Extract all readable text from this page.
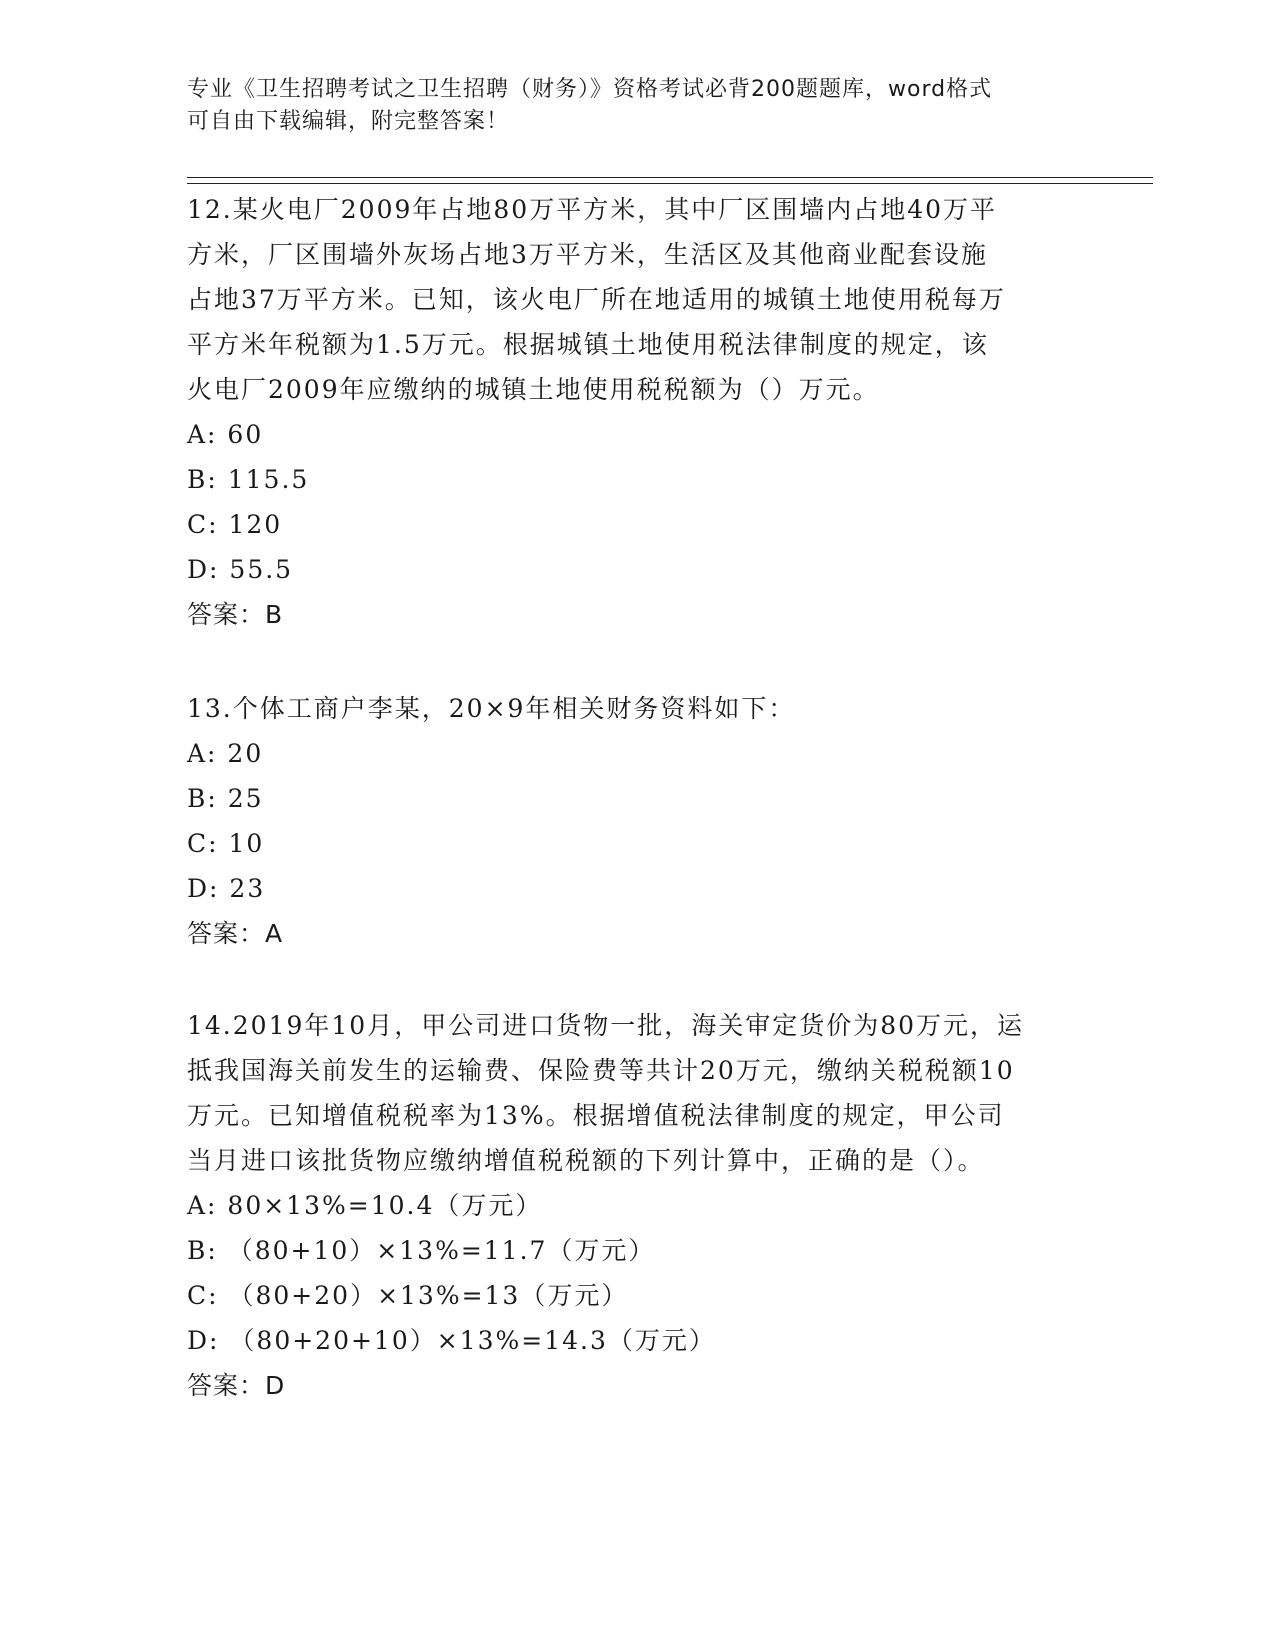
专业《卫生招聘考试之卫生招聘（财务）》资格考试必背200题题库，word格式
可自由下载编辑，附完整答案！

12.某火电厂2009年占地80万平方米，其中厂区围墙内占地40万平

方米，厂区围墙外灰场占地3万平方米，生活区及其他商业配套设施

占地37万平方米。已知，该火电厂所在地适用的城镇土地使用税每万

平方米年税额为1.5万元。根据城镇土地使用税法律制度的规定，该

火电厂2009年应缴纳的城镇土地使用税税额为（）万元。

A: 60

B: 115.5

C: 120

D: 55.5

答案：B

13.个体工商户李某，20×9年相关财务资料如下：

A: 20

B: 25

C: 10

D: 23

答案：A

14.2019年10月，甲公司进口货物一批，海关审定货价为80万元，运

抵我国海关前发生的运输费、保险费等共计20万元，缴纳关税税额10

万元。已知增值税税率为13%。根据增值税法律制度的规定，甲公司

当月进口该批货物应缴纳增值税税额的下列计算中，正确的是（）。

A: 80×13%=10.4（万元）

B: （80+10）×13%=11.7（万元）

C: （80+20）×13%=13（万元）

D: （80+20+10）×13%=14.3（万元）

答案：D
